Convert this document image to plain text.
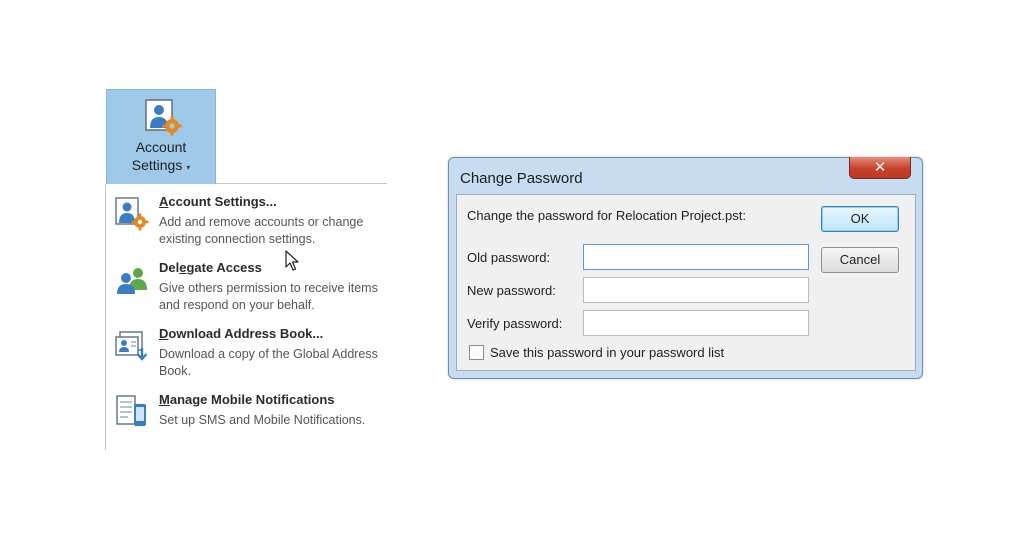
Account
Settings ▾
Account Settings...
Add and remove accounts or change existing connection settings.
Delegate Access
Give others permission to receive items and respond on your behalf.
Download Address Book...
Download a copy of the Global Address Book.
Manage Mobile Notifications
Set up SMS and Mobile Notifications.
Change Password
✕
Change the password for Relocation Project.pst:
Old password:
New password:
Verify password:
Save this password in your password list
OK
Cancel
